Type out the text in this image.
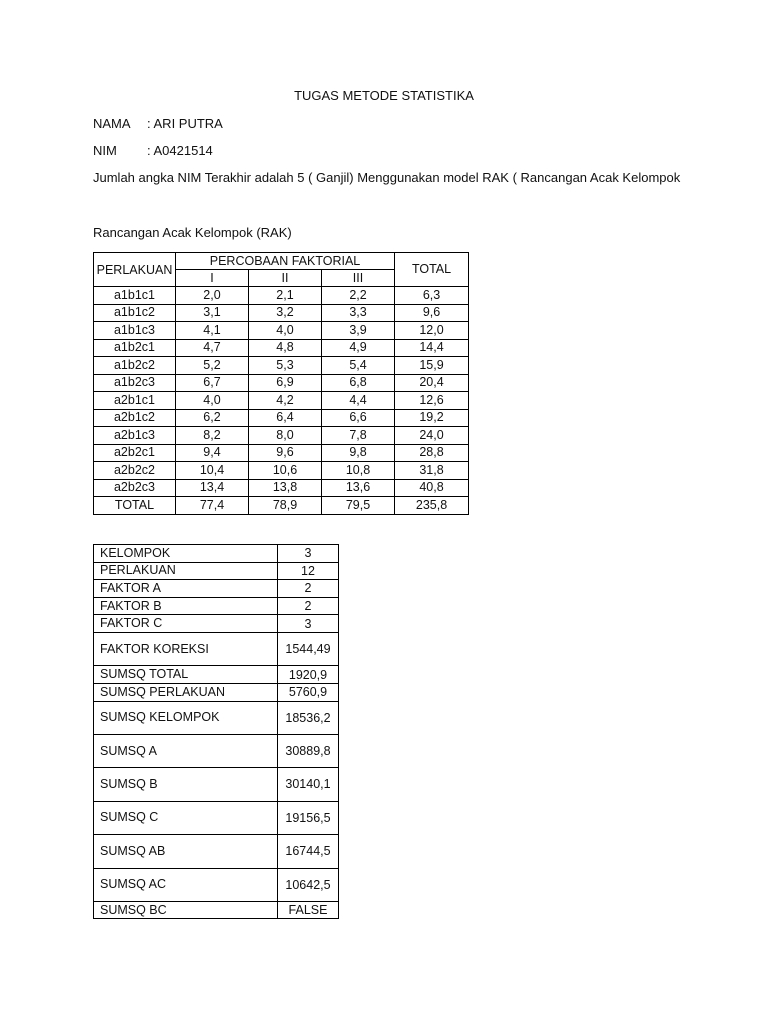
TUGAS METODE STATISTIKA
NAMA : ARI PUTRA
NIM : A0421514
Jumlah angka NIM Terakhir adalah 5 ( Ganjil) Menggunakan model RAK ( Rancangan Acak Kelompok
Rancangan Acak Kelompok (RAK)
PERLAKUAN	PERCOBAAN FAKTORIAL			TOTAL
	I	II	III	
a1b1c1	2,0	2,1	2,2	6,3
a1b1c2	3,1	3,2	3,3	9,6
a1b1c3	4,1	4,0	3,9	12,0
a1b2c1	4,7	4,8	4,9	14,4
a1b2c2	5,2	5,3	5,4	15,9
a1b2c3	6,7	6,9	6,8	20,4
a2b1c1	4,0	4,2	4,4	12,6
a2b1c2	6,2	6,4	6,6	19,2
a2b1c3	8,2	8,0	7,8	24,0
a2b2c1	9,4	9,6	9,8	28,8
a2b2c2	10,4	10,6	10,8	31,8
a2b2c3	13,4	13,8	13,6	40,8
TOTAL	77,4	78,9	79,5	235,8
KELOMPOK	3
PERLAKUAN	12
FAKTOR A	2
FAKTOR B	2
FAKTOR C	3
FAKTOR KOREKSI	1544,49
SUMSQ TOTAL	1920,9
SUMSQ PERLAKUAN	5760,9
SUMSQ KELOMPOK	18536,2
SUMSQ A	30889,8
SUMSQ B	30140,1
SUMSQ C	19156,5
SUMSQ AB	16744,5
SUMSQ AC	10642,5
SUMSQ BC	FALSE
